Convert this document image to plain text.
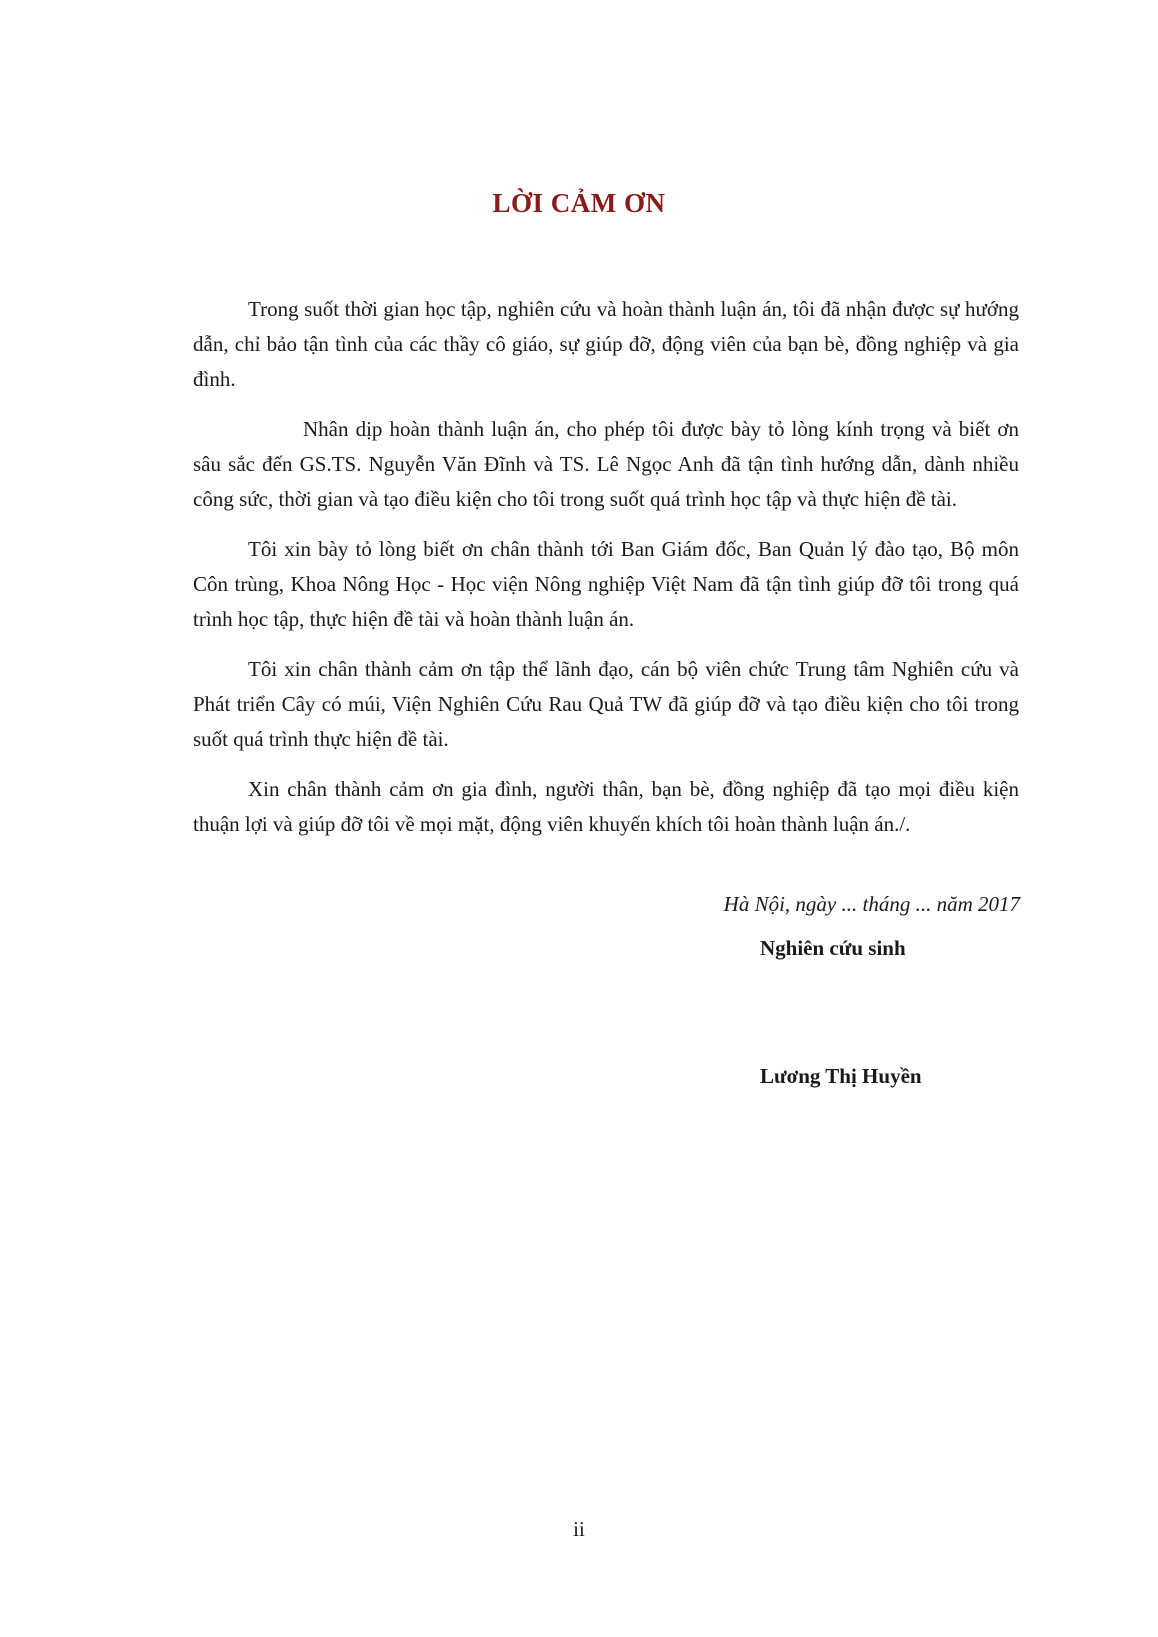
LỜI CẢM ƠN

Trong suốt thời gian học tập, nghiên cứu và hoàn thành luận án, tôi đã nhận được sự hướng dẫn, chỉ bảo tận tình của các thầy cô giáo, sự giúp đỡ, động viên của bạn bè, đồng nghiệp và gia đình.

Nhân dịp hoàn thành luận án, cho phép tôi được bày tỏ lòng kính trọng và biết ơn sâu sắc đến GS.TS. Nguyễn Văn Đĩnh và TS. Lê Ngọc Anh đã tận tình hướng dẫn, dành nhiều công sức, thời gian và tạo điều kiện cho tôi trong suốt quá trình học tập và thực hiện đề tài.

Tôi xin bày tỏ lòng biết ơn chân thành tới Ban Giám đốc, Ban Quản lý đào tạo, Bộ môn Côn trùng, Khoa Nông Học - Học viện Nông nghiệp Việt Nam đã tận tình giúp đỡ tôi trong quá trình học tập, thực hiện đề tài và hoàn thành luận án.

Tôi xin chân thành cảm ơn tập thể lãnh đạo, cán bộ viên chức Trung tâm Nghiên cứu và Phát triển Cây có múi, Viện Nghiên Cứu Rau Quả TW đã giúp đỡ và tạo điều kiện cho tôi trong suốt quá trình thực hiện đề tài.

Xin chân thành cảm ơn gia đình, người thân, bạn bè, đồng nghiệp đã tạo mọi điều kiện thuận lợi và giúp đỡ tôi về mọi mặt, động viên khuyến khích tôi hoàn thành luận án./.

Hà Nội, ngày ... tháng ... năm 2017
Nghiên cứu sinh
Lương Thị Huyền
ii
